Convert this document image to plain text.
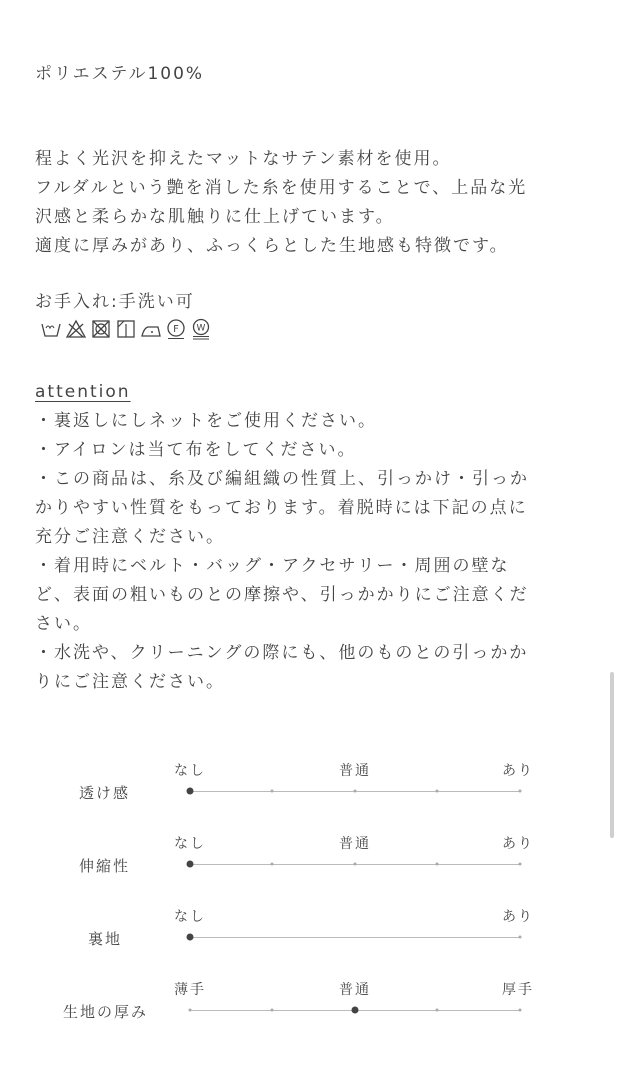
ポリエステル100%
程よく光沢を抑えたマットなサテン素材を使用。
フルダルという艶を消した糸を使用することで、上品な光
沢感と柔らかな肌触りに仕上げています。
適度に厚みがあり、ふっくらとした生地感も特徴です。
お手入れ:手洗い可
F W
attention
・裏返しにしネットをご使用ください。
・アイロンは当て布をしてください。
・この商品は、糸及び編組織の性質上、引っかけ・引っか
かりやすい性質をもっております。着脱時には下記の点に
充分ご注意ください。
・着用時にベルト・バッグ・アクセサリー・周囲の壁な
ど、表面の粗いものとの摩擦や、引っかかりにご注意くだ
さい。
・水洗や、クリーニングの際にも、他のものとの引っかか
りにご注意ください。
透け感
なし	普通	あり
伸縮性
なし	普通	あり
裏地
なし	あり
生地の厚み
薄手	普通	厚手
